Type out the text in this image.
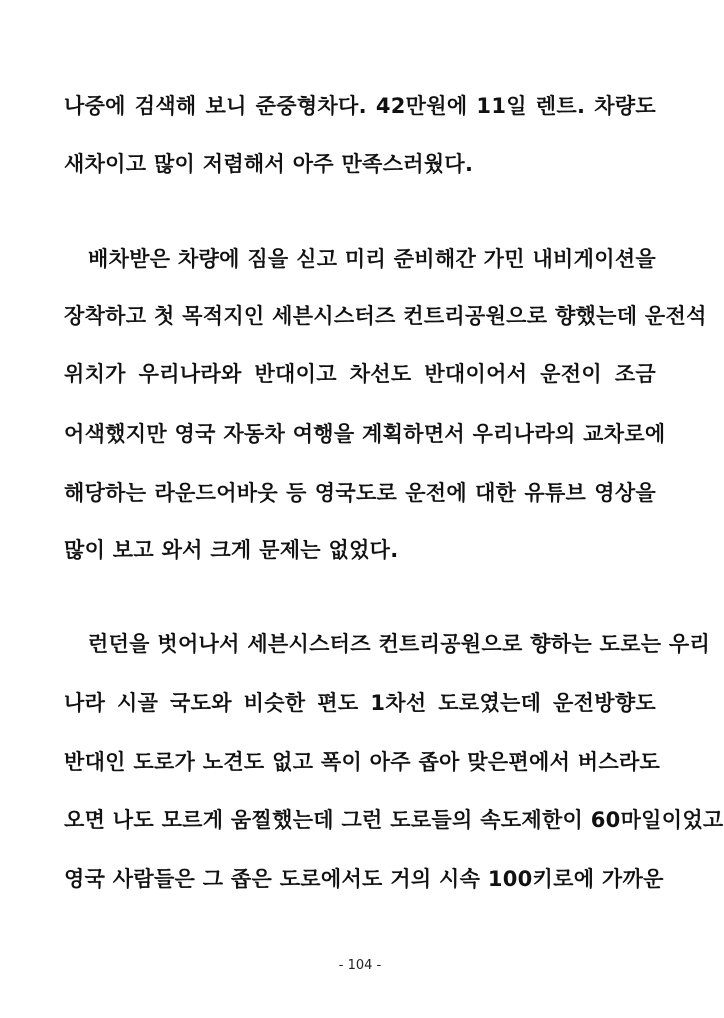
나중에 검색해 보니 준중형차다. 42만원에 11일 렌트. 차량도
새차이고 많이 저렴해서 아주 만족스러웠다.
배차받은 차량에 짐을 싣고 미리 준비해간 가민 내비게이션을
장착하고 첫 목적지인 세븐시스터즈 컨트리공원으로 향했는데 운전석
위치가 우리나라와 반대이고 차선도 반대이어서 운전이 조금
어색했지만 영국 자동차 여행을 계획하면서 우리나라의 교차로에
해당하는 라운드어바웃 등 영국도로 운전에 대한 유튜브 영상을
많이 보고 와서 크게 문제는 없었다.
런던을 벗어나서 세븐시스터즈 컨트리공원으로 향하는 도로는 우리
나라 시골 국도와 비슷한 편도 1차선 도로였는데 운전방향도
반대인 도로가 노견도 없고 폭이 아주 좁아 맞은편에서 버스라도
오면 나도 모르게 움찔했는데 그런 도로들의 속도제한이 60마일이었고
영국 사람들은 그 좁은 도로에서도 거의 시속 100키로에 가까운
- 104 -
